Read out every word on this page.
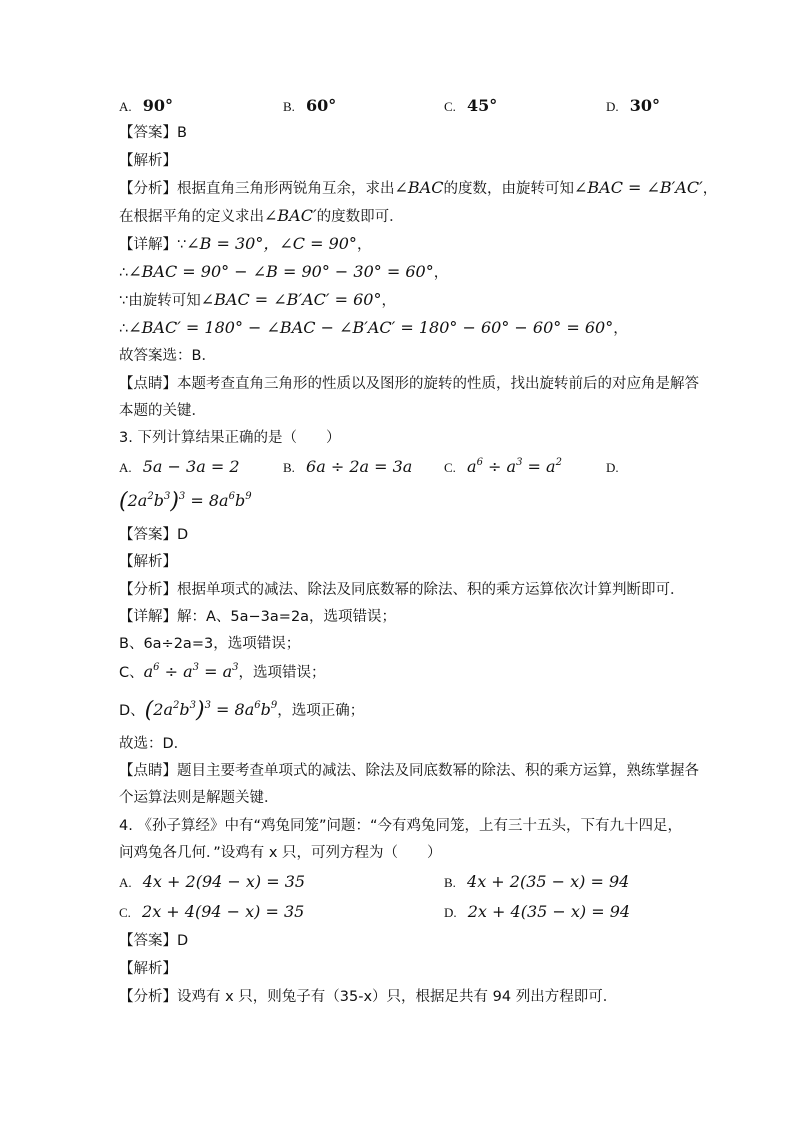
A. 90°	B. 60°	C. 45°	D. 30°
【答案】B
【解析】
【分析】根据直角三角形两锐角互余，求出∠BAC的度数，由旋转可知∠BAC = ∠B′AC′，
在根据平角的定义求出∠BAC′的度数即可．
【详解】∵∠B = 30°，∠C = 90°，
∴∠BAC = 90° − ∠B = 90° − 30° = 60°，
∵由旋转可知∠BAC = ∠B′AC′ = 60°，
∴∠BAC′ = 180° − ∠BAC − ∠B′AC′ = 180° − 60° − 60° = 60°，
故答案选：B．
【点睛】本题考查直角三角形的性质以及图形的旋转的性质，找出旋转前后的对应角是解答
本题的关键．
3. 下列计算结果正确的是（　　）
A. 5a − 3a = 2	B. 6a ÷ 2a = 3a C. $a^6 \div a^3 = a^2$	D.
$(2a^2b^3)^3 = 8a^6b^9$
【答案】D
【解析】
【分析】根据单项式的减法、除法及同底数幂的除法、积的乘方运算依次计算判断即可．
【详解】解：A、5a−3a=2a，选项错误；
B、6a÷2a=3，选项错误；
C、$a^6 \div a^3 = a^3$，选项错误；
D、$(2a^2b^3)^3 = 8a^6b^9$，选项正确；
故选：D．
【点睛】题目主要考查单项式的减法、除法及同底数幂的除法、积的乘方运算，熟练掌握各
个运算法则是解题关键．
4. 《孙子算经》中有“鸡兔同笼”问题：“今有鸡兔同笼，上有三十五头，下有九十四足，
问鸡兔各几何．”设鸡有 x 只，可列方程为（　　）
A. 4x + 2(94 − x) = 35	B. 4x + 2(35 − x) = 94
C. 2x + 4(94 − x) = 35	D. 2x + 4(35 − x) = 94
【答案】D
【解析】
【分析】设鸡有 x 只，则兔子有（35-x）只，根据足共有 94 列出方程即可．
